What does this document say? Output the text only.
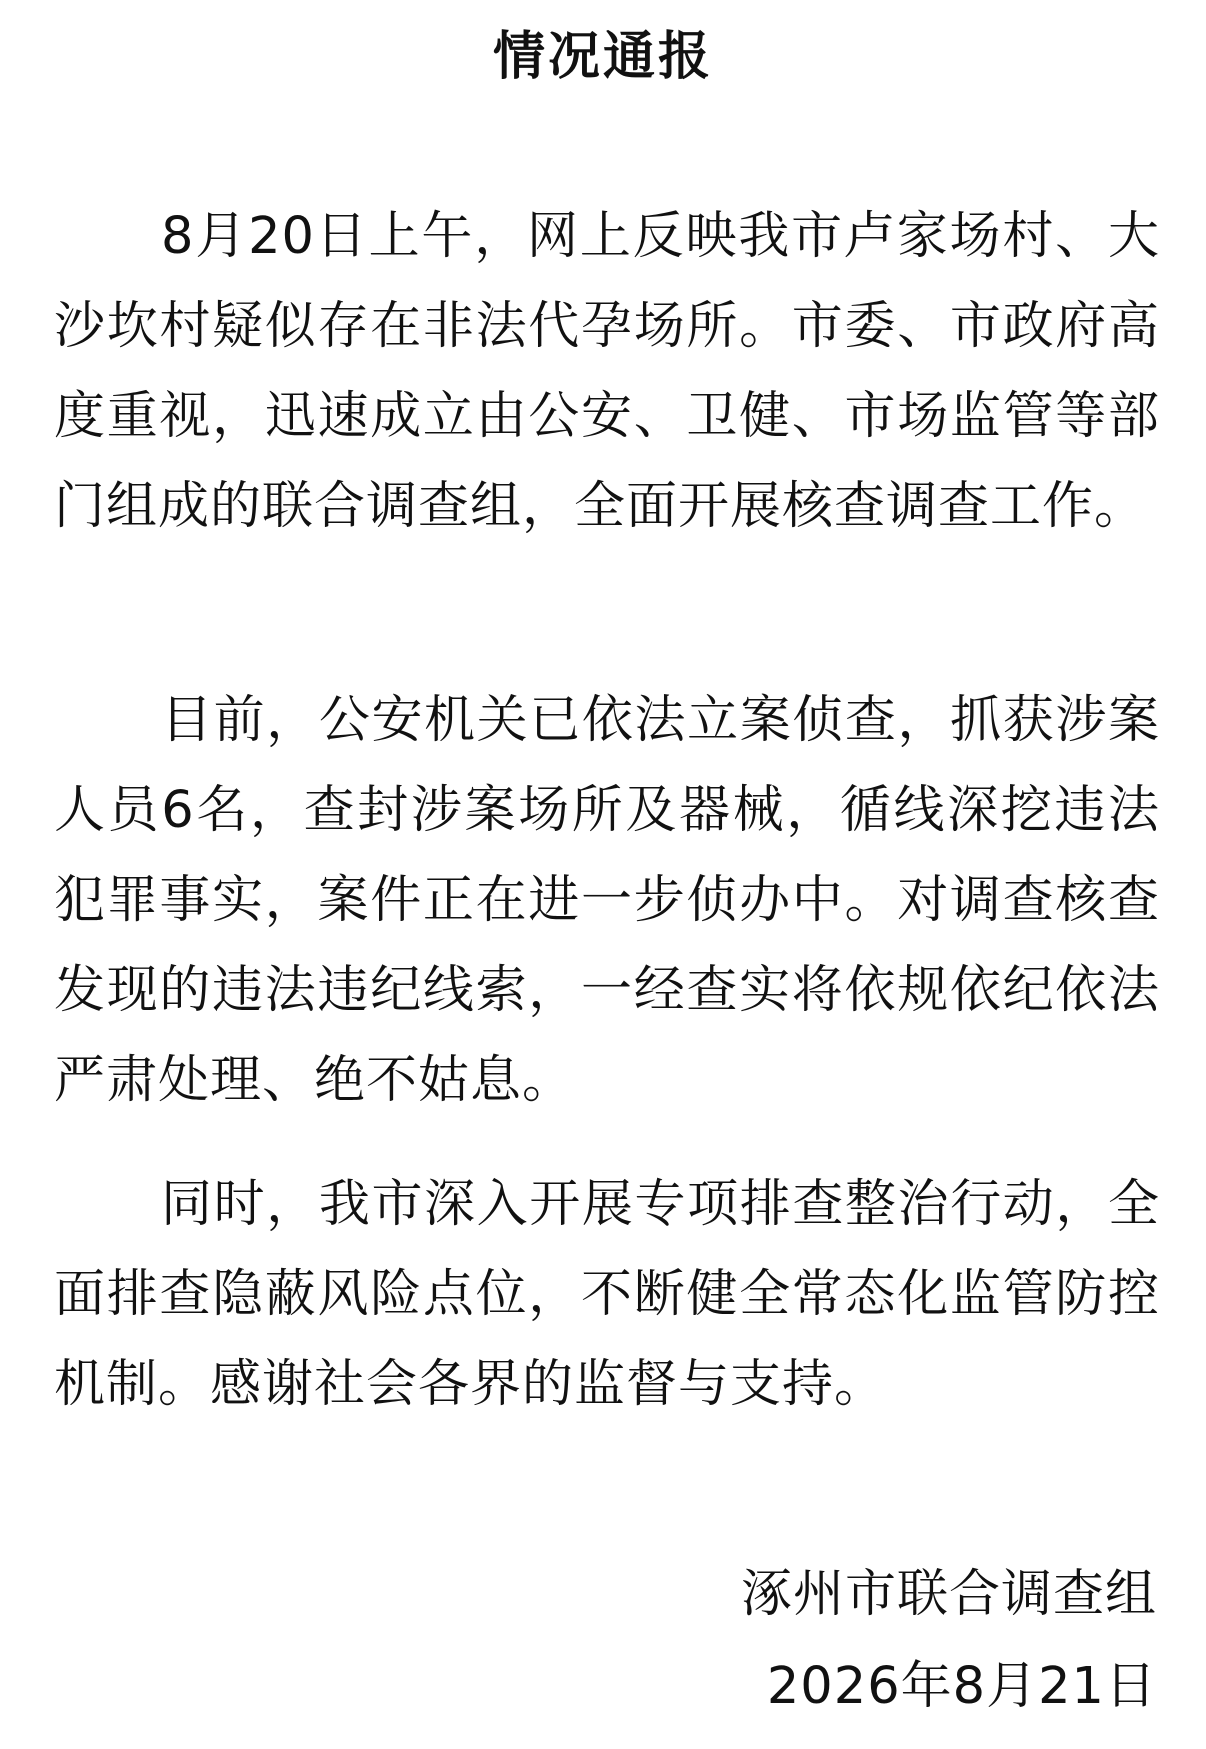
情况通报

8月20日上午，网上反映我市卢家场村、大沙坎村疑似存在非法代孕场所。市委、市政府高度重视，迅速成立由公安、卫健、市场监管等部门组成的联合调查组，全面开展核查调查工作。

目前，公安机关已依法立案侦查，抓获涉案人员6名，查封涉案场所及器械，循线深挖违法犯罪事实，案件正在进一步侦办中。对调查核查发现的违法违纪线索，一经查实将依规依纪依法严肃处理、绝不姑息。

同时，我市深入开展专项排查整治行动，全面排查隐蔽风险点位，不断健全常态化监管防控机制。感谢社会各界的监督与支持。

涿州市联合调查组
2026年8月21日
